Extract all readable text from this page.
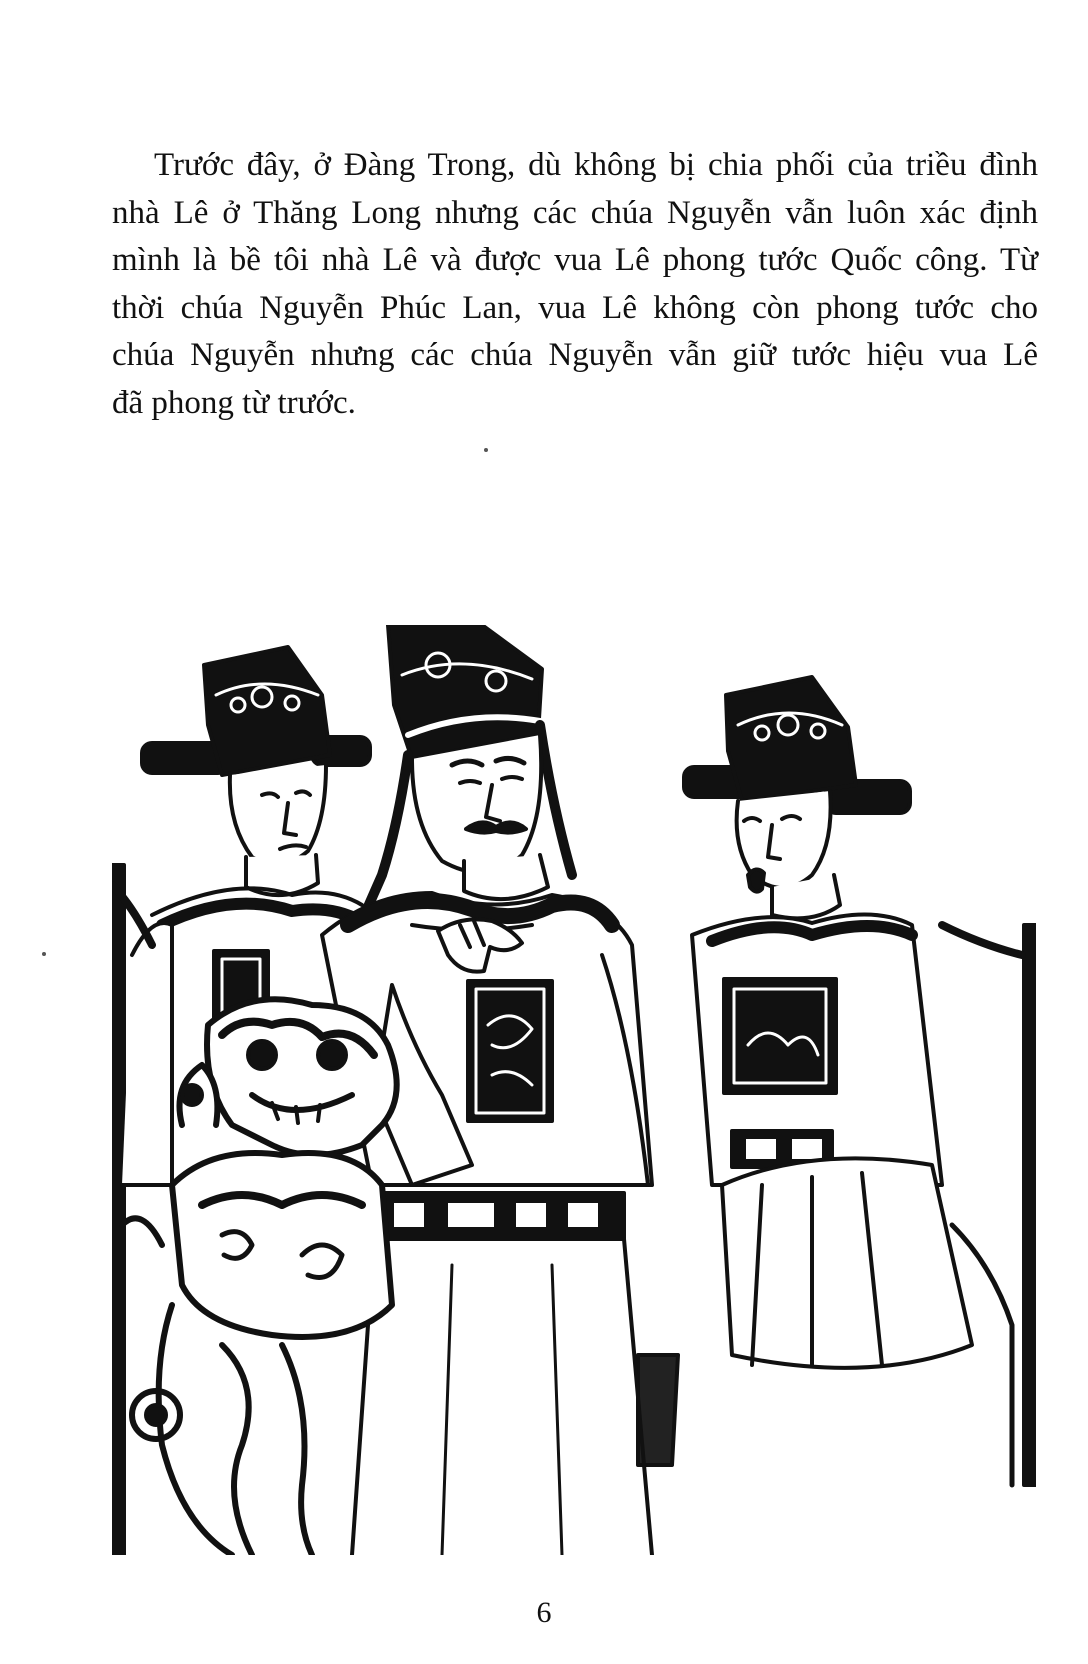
Trước đây, ở Đàng Trong, dù không bị chia phối của triều đình
nhà Lê ở Thăng Long nhưng các chúa Nguyễn vẫn luôn xác định
mình là bề tôi nhà Lê và được vua Lê phong tước Quốc công. Từ
thời chúa Nguyễn Phúc Lan, vua Lê không còn phong tước cho
chúa Nguyễn nhưng các chúa Nguyễn vẫn giữ tước hiệu vua Lê
đã phong từ trước.

6
